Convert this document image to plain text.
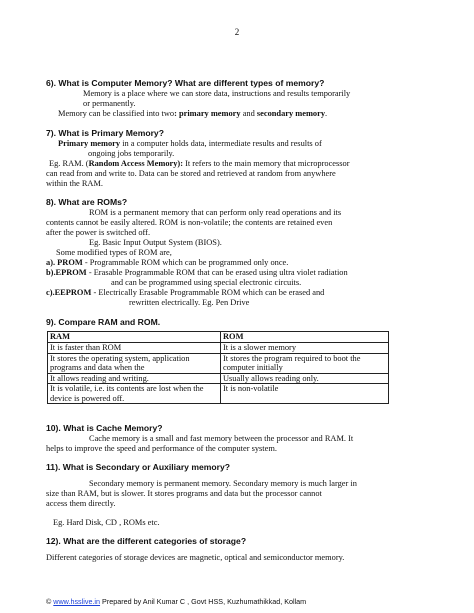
2
6). What is Computer Memory? What are different types of memory?
Memory is a place where we can store data, instructions and results temporarily
or permanently.
Memory can be classified into two: primary memory and secondary memory.
7). What is Primary Memory?
Primary memory in a computer holds data, intermediate results and results of
ongoing jobs temporarily.
Eg. RAM. (Random Access Memory): It refers to the main memory that microprocessor
can read from and write to. Data can be stored and retrieved at random from anywhere
within the RAM.
8). What are ROMs?
ROM is a permanent memory that can perform only read operations and its
contents cannot be easily altered. ROM is non-volatile; the contents are retained even
after the power is switched off.
Eg. Basic Input Output System (BIOS).
Some modified types of ROM are,
a). PROM - Programmable ROM which can be programmed only once.
b).EPROM - Erasable Programmable ROM that can be erased using ultra violet radiation
and can be programmed using special electronic circuits.
c).EEPROM - Electrically Erasable Programmable ROM which can be erased and
rewritten electrically. Eg. Pen Drive
9). Compare RAM and ROM.
RAM	ROM
It is faster than ROM	It is a slower memory
It stores the operating system, application programs and data when the	It stores the program required to boot the computer initially
It allows reading and writing.	Usually allows reading only.
It is volatile, i.e. its contents are lost when the device is powered off.	It is non-volatile
10). What is Cache Memory?
Cache memory is a small and fast memory between the processor and RAM. It
helps to improve the speed and performance of the computer system.
11). What is Secondary or Auxiliary memory?
Secondary memory is permanent memory. Secondary memory is much larger in
size than RAM, but is slower. It stores programs and data but the processor cannot
access them directly.
Eg. Hard Disk, CD , ROMs etc.
12). What are the different categories of storage?
Different categories of storage devices are magnetic, optical and semiconductor memory.
© www.hsslive.in Prepared by Anil Kumar C , Govt HSS, Kuzhumathikkad, Kollam
